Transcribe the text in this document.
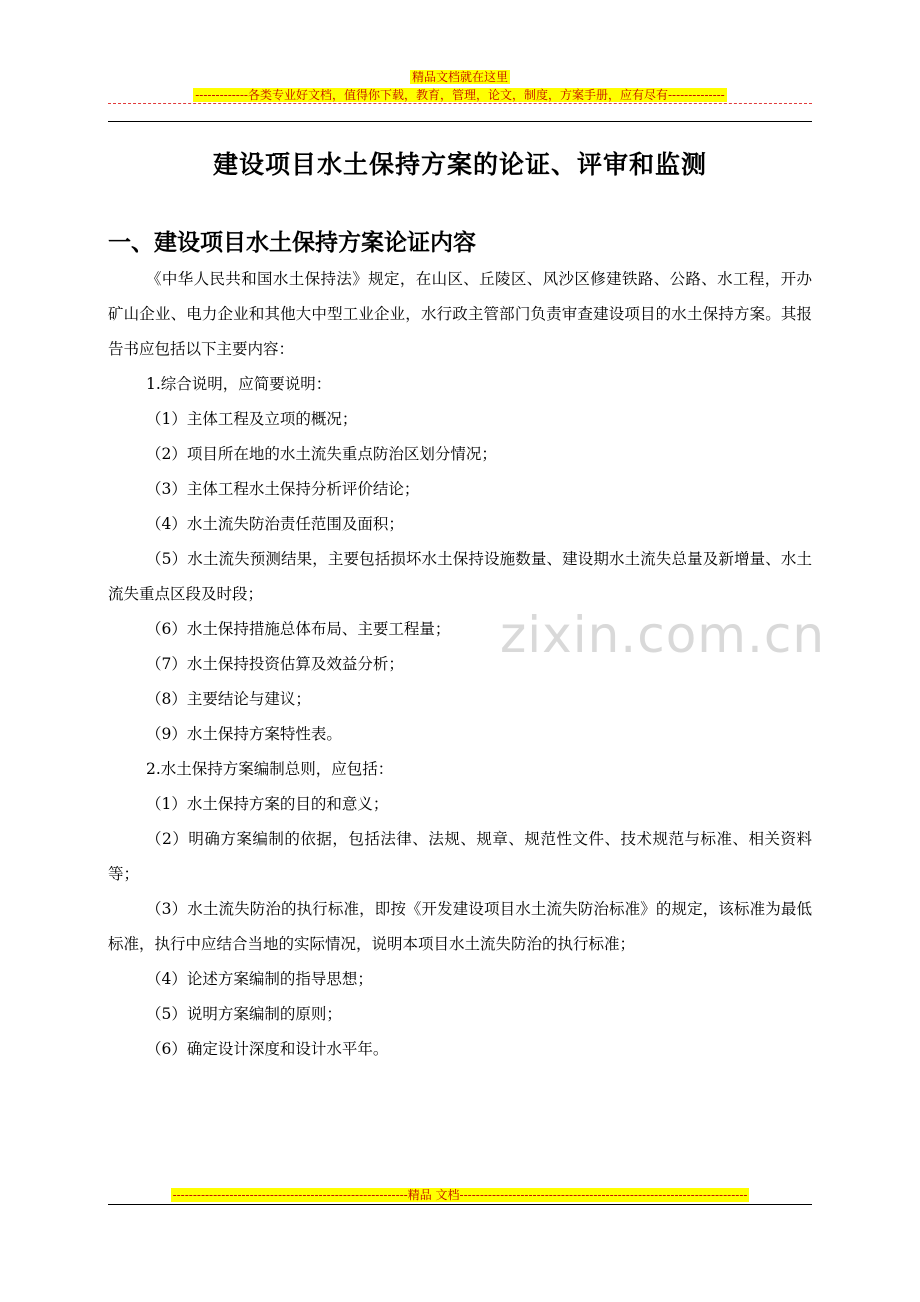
精品文档就在这里
-------------各类专业好文档，值得你下载，教育，管理，论文，制度，方案手册，应有尽有--------------
建设项目水土保持方案的论证、评审和监测
一、建设项目水土保持方案论证内容

《中华人民共和国水土保持法》规定，在山区、丘陵区、风沙区修建铁路、公路、水工程，开办矿山企业、电力企业和其他大中型工业企业，水行政主管部门负责审查建设项目的水土保持方案。其报告书应包括以下主要内容：

1.综合说明，应简要说明：

（1）主体工程及立项的概况；

（2）项目所在地的水土流失重点防治区划分情况；

（3）主体工程水土保持分析评价结论；

（4）水土流失防治责任范围及面积；

（5）水土流失预测结果，主要包括损坏水土保持设施数量、建设期水土流失总量及新增量、水土流失重点区段及时段；

（6）水土保持措施总体布局、主要工程量；

（7）水土保持投资估算及效益分析；

（8）主要结论与建议；

（9）水土保持方案特性表。

2.水土保持方案编制总则，应包括：

（1）水土保持方案的目的和意义；

（2）明确方案编制的依据，包括法律、法规、规章、规范性文件、技术规范与标准、相关资料等；

（3）水土流失防治的执行标准，即按《开发建设项目水土流失防治标准》的规定，该标准为最低标准，执行中应结合当地的实际情况，说明本项目水土流失防治的执行标准；

（4）论述方案编制的指导思想；

（5）说明方案编制的原则；

（6）确定设计深度和设计水平年。

zixin.com.cn
----------------------------------------------------------精品 文档-----------------------------------------------------------------------
